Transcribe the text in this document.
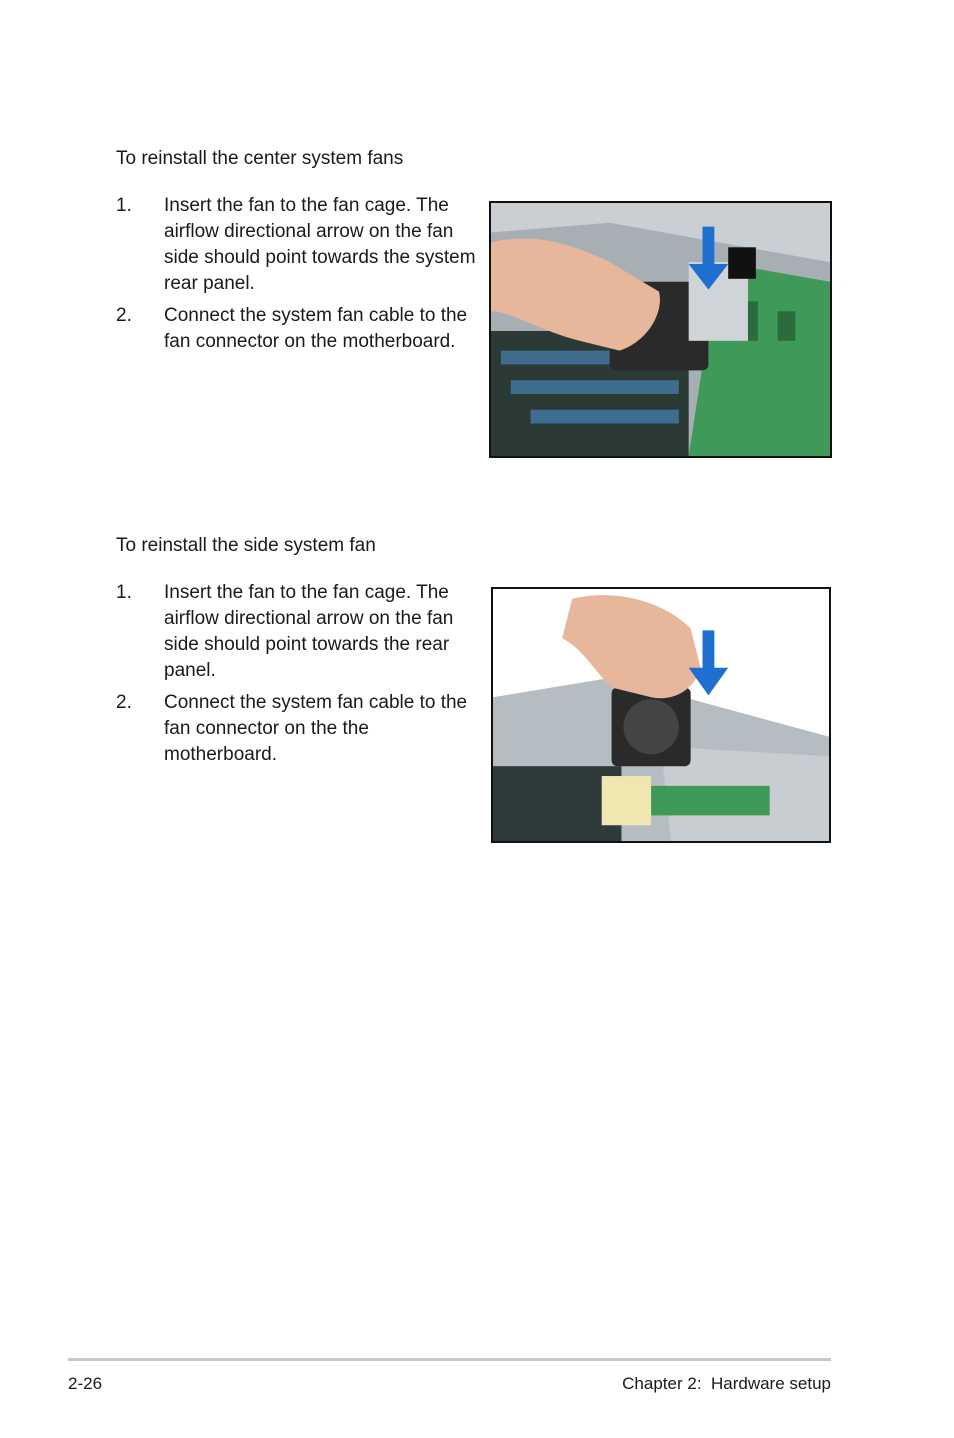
To reinstall the center system fans
1. Insert the fan to the fan cage. The airflow directional arrow on the fan side should point towards the system rear panel.
2. Connect the system fan cable to the fan connector on the motherboard.
To reinstall the side system fan
1. Insert the fan to the fan cage. The airflow directional arrow on the fan side should point towards the rear panel.
2. Connect the system fan cable to the fan connector on the the motherboard.
2-26	Chapter 2:  Hardware setup
